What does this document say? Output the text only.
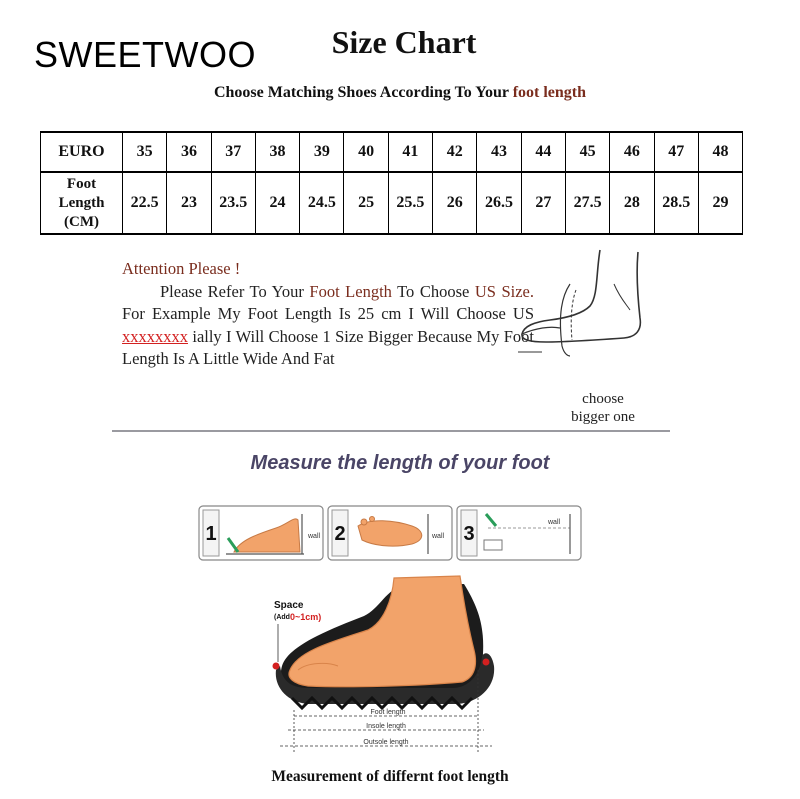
SWEETWOO	Size Chart
Choose Matching Shoes According To Your foot length
EURO	35	36	37	38	39	40	41	42	43	44	45	46	47	48
Foot
Length
(CM)	22.5	23	23.5	24	24.5	25	25.5	26	26.5	27	27.5	28	28.5	29
Attention Please !
Please Refer To Your Foot Length To Choose US Size. For Example My Foot Length Is 25 cm I Will Choose US xxxxxxxx ially I Will Choose 1 Size Bigger Because My Foot Length Is A Little Wide And Fat
choose
bigger one
Measure the length of your foot
1	wall 2	wall 3
wall
Foot length
Insole length
Outsole length
Space
(Add 0~1cm)
Measurement of differnt foot length
